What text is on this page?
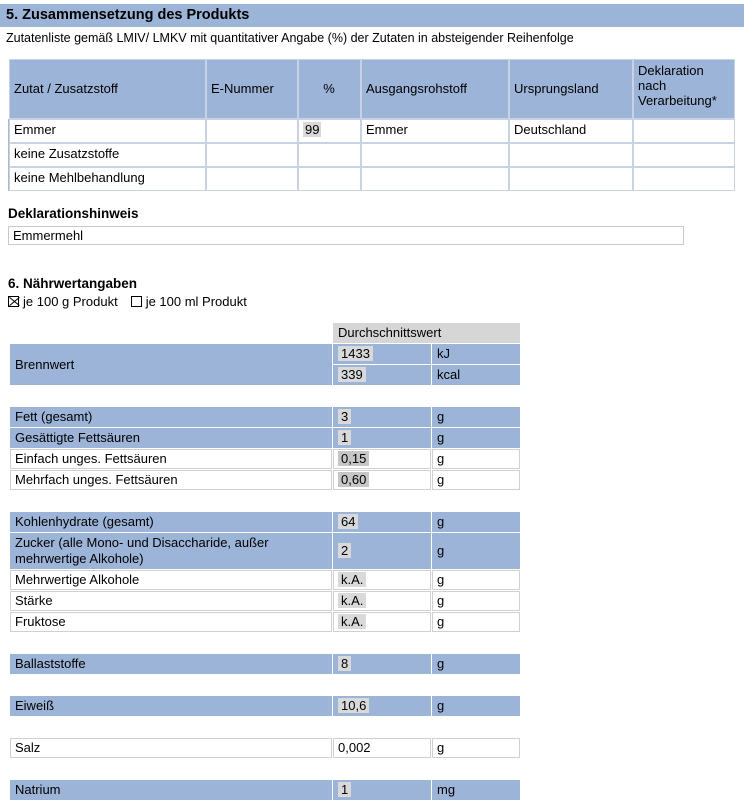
5. Zusammensetzung des Produkts
Zutatenliste gemäß LMIV/ LMKV mit quantitativer Angabe (%) der Zutaten in absteigender Reihenfolge
Zutat / Zusatzstoff	E-Nummer	%	Ausgangsrohstoff	Ursprungsland	Deklaration nach Verarbeitung*
Emmer		99	Emmer	Deutschland	
keine Zusatzstoffe					
keine Mehlbehandlung					
Deklarationshinweis
Emmermehl
6. Nährwertangaben
je 100 g Produkt je 100 ml Produkt
	Durchschnittswert	
Brennwert	1433	kJ
	339	kcal
Fett (gesamt)	3	g
Gesättigte Fettsäuren	1	g
Einfach unges. Fettsäuren	0,15	g
Mehrfach unges. Fettsäuren	0,60	g
Kohlenhydrate (gesamt)	64	g
Zucker (alle Mono- und Disaccharide, außer mehrwertige Alkohole)	2	g
Mehrwertige Alkohole	k.A.	g
Stärke	k.A.	g
Fruktose	k.A.	g
Ballaststoffe	8	g
Eiweiß	10,6	g
Salz	0,002	g
Natrium	1	mg
